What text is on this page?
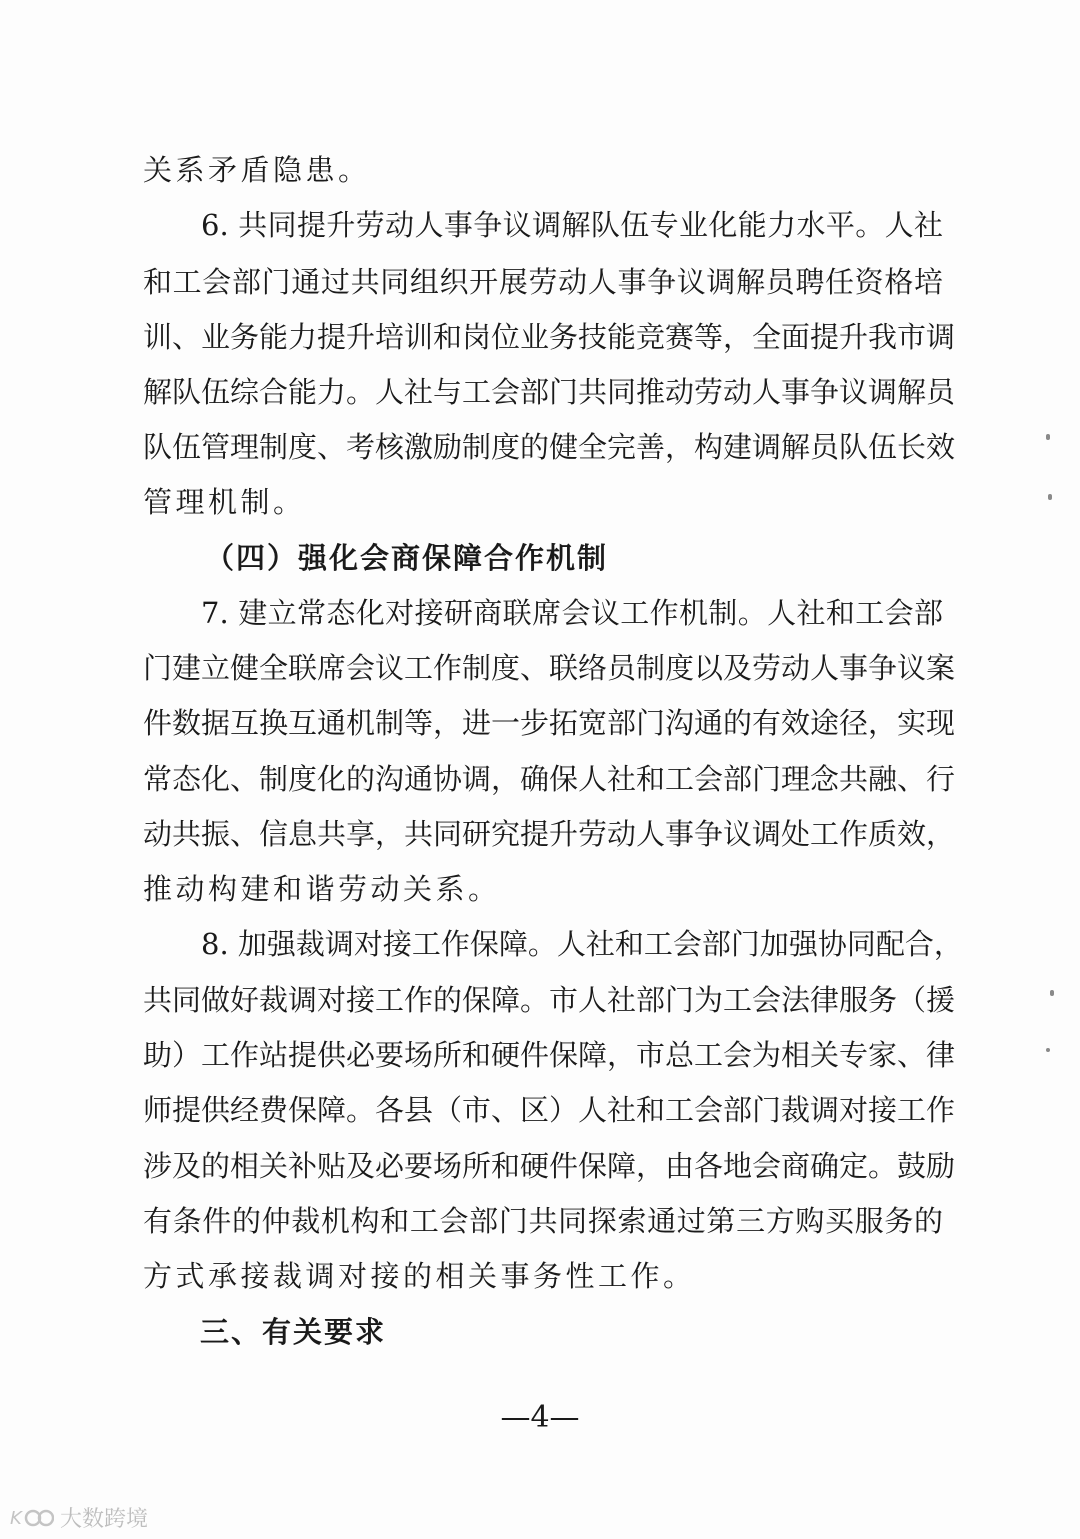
关系矛盾隐患。
6. 共同提升劳动人事争议调解队伍专业化能力水平。人社
和工会部门通过共同组织开展劳动人事争议调解员聘任资格培
训、业务能力提升培训和岗位业务技能竞赛等，全面提升我市调
解队伍综合能力。人社与工会部门共同推动劳动人事争议调解员
队伍管理制度、考核激励制度的健全完善，构建调解员队伍长效
管理机制。
（四）强化会商保障合作机制
7. 建立常态化对接研商联席会议工作机制。人社和工会部
门建立健全联席会议工作制度、联络员制度以及劳动人事争议案
件数据互换互通机制等，进一步拓宽部门沟通的有效途径，实现
常态化、制度化的沟通协调，确保人社和工会部门理念共融、行
动共振、信息共享，共同研究提升劳动人事争议调处工作质效，
推动构建和谐劳动关系。
8. 加强裁调对接工作保障。人社和工会部门加强协同配合，
共同做好裁调对接工作的保障。市人社部门为工会法律服务（援
助）工作站提供必要场所和硬件保障，市总工会为相关专家、律
师提供经费保障。各县（市、区）人社和工会部门裁调对接工作
涉及的相关补贴及必要场所和硬件保障，由各地会商确定。鼓励
有条件的仲裁机构和工会部门共同探索通过第三方购买服务的
方式承接裁调对接的相关事务性工作。
三、有关要求
—4—
K 大数跨境
